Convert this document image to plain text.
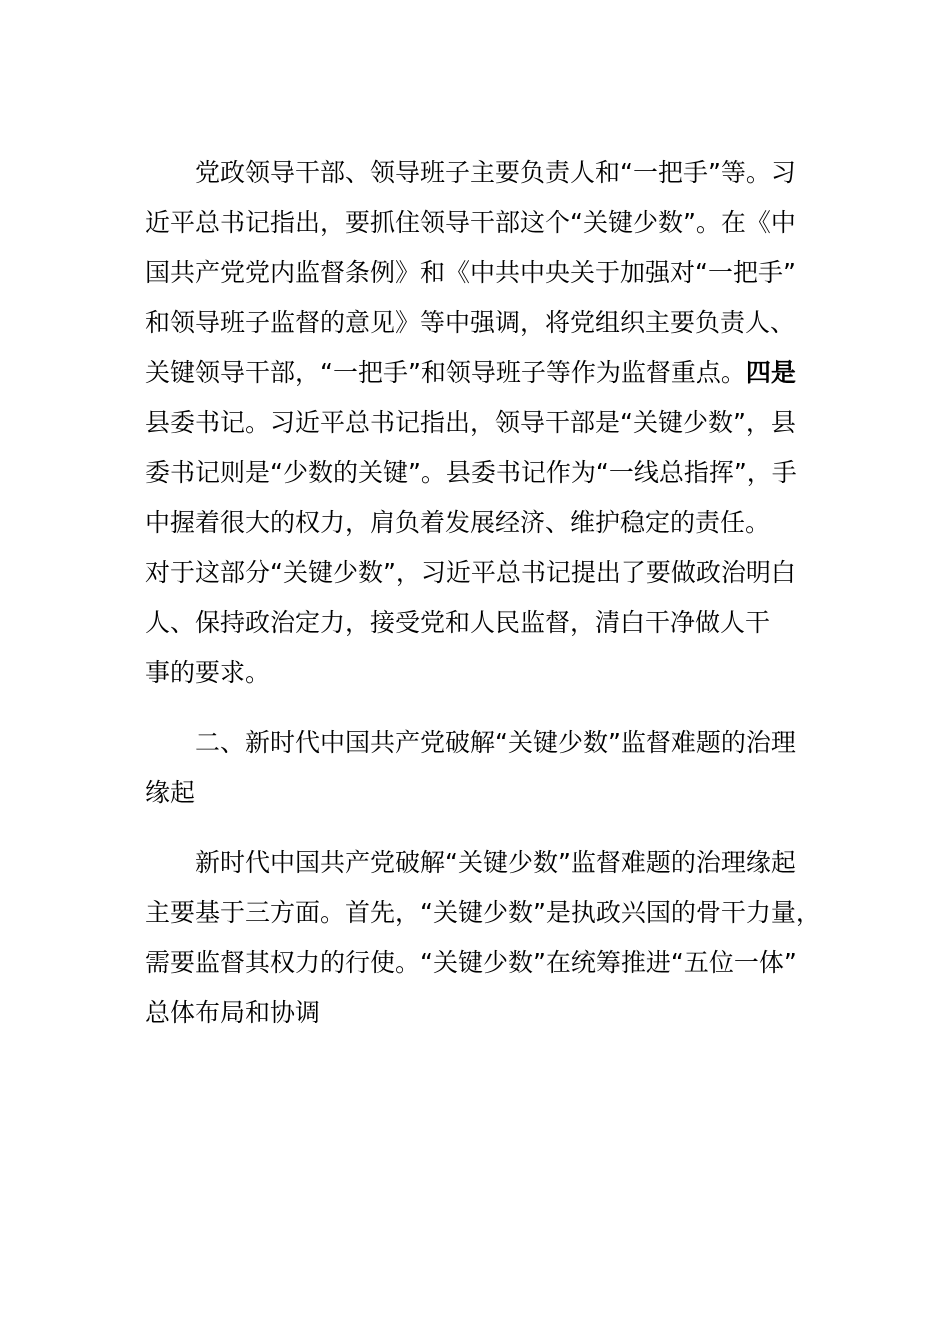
党政领导干部、领导班子主要负责人和“一把手”等。习
近平总书记指出，要抓住领导干部这个“关键少数”。在《中
国共产党党内监督条例》和《中共中央关于加强对“一把手”
和领导班子监督的意见》等中强调，将党组织主要负责人、
关键领导干部，“一把手”和领导班子等作为监督重点。四是
县委书记。习近平总书记指出，领导干部是“关键少数”，县
委书记则是“少数的关键”。县委书记作为“一线总指挥”，手
中握着很大的权力，肩负着发展经济、维护稳定的责任。
对于这部分“关键少数”，习近平总书记提出了要做政治明白
人、保持政治定力，接受党和人民监督，清白干净做人干
事的要求。
二、新时代中国共产党破解“关键少数”监督难题的治理
缘起
新时代中国共产党破解“关键少数”监督难题的治理缘起
主要基于三方面。首先，“关键少数”是执政兴国的骨干力量，
需要监督其权力的行使。“关键少数”在统筹推进“五位一体”
总体布局和协调
